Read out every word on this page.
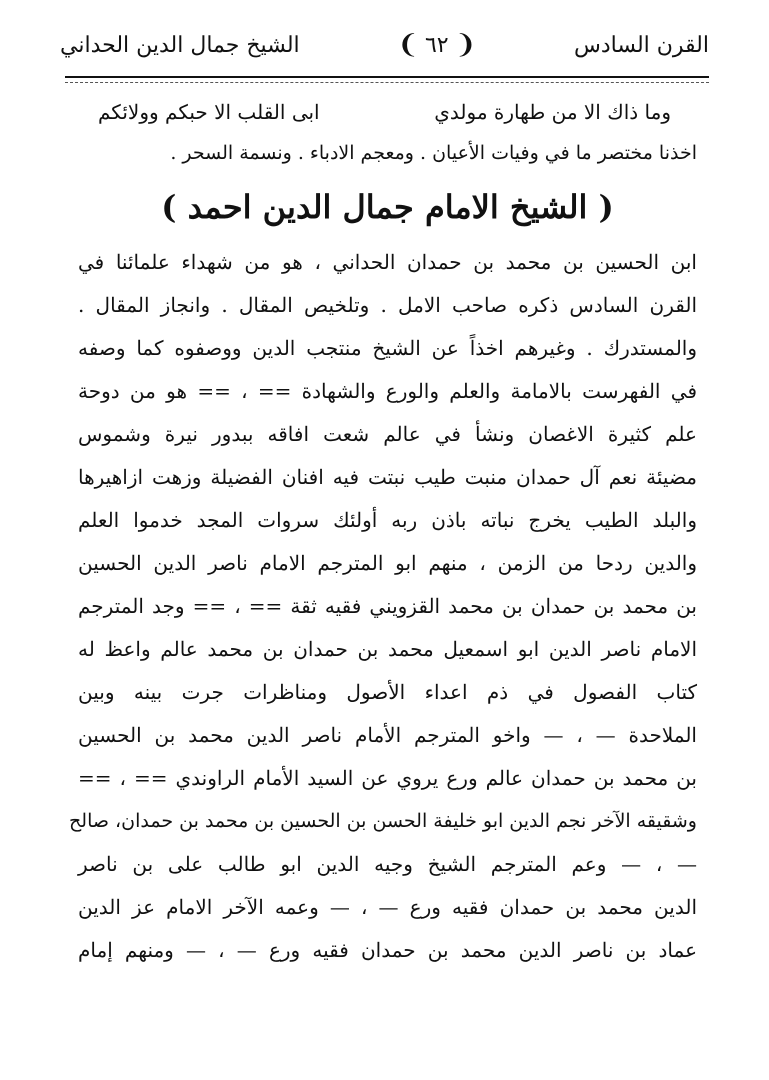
القرن السادس
❨
٦٢
❩
الشيخ جمال الدين الحداني
وما ذاك الا من طهارة مولدي
ابى القلب الا حبكم وولائكم
اخذنا مختصر ما في وفيات الأعيان . ومعجم الادباء . ونسمة السحر .
( الشيخ الامام جمال الدين احمد )
ابن الحسين بن محمد بن حمدان الحداني ، هو من شهداء علمائنا في
القرن السادس ذكره صاحب الامل . وتلخيص المقال . وانجاز المقال .
والمستدرك . وغيرهم اخذاً عن الشيخ منتجب الدين ووصفوه كما وصفه
في الفهرست بالامامة والعلم والورع والشهادة == ، == هو من دوحة
علم كثيرة الاغصان ونشأ في عالم شعت افاقه ببدور نيرة وشموس
مضيئة نعم آل حمدان منبت طيب نبتت فيه افنان الفضيلة وزهت ازاهيرها
والبلد الطيب يخرج نباته باذن ربه أولئك سروات المجد خدموا العلم
والدين ردحا من الزمن ، منهم ابو المترجم الامام ناصر الدين الحسين
بن محمد بن حمدان بن محمد القزويني فقيه ثقة == ، == وجد المترجم
الامام ناصر الدين ابو اسمعيل محمد بن حمدان بن محمد عالم واعظ له
كتاب الفصول في ذم اعداء الأصول ومناظرات جرت بينه وبين
الملاحدة — ، — واخو المترجم الأمام ناصر الدين محمد بن الحسين
بن محمد بن حمدان عالم ورع يروي عن السيد الأمام الراوندي == ، ==
وشقيقه الآخر نجم الدين ابو خليفة الحسن بن الحسين بن محمد بن حمدان، صالح
— ، — وعم المترجم الشيخ وجيه الدين ابو طالب على بن ناصر
الدين محمد بن حمدان فقيه ورع — ، — وعمه الآخر الامام عز الدين
عماد بن ناصر الدين محمد بن حمدان فقيه ورع — ، — ومنهم إمام
